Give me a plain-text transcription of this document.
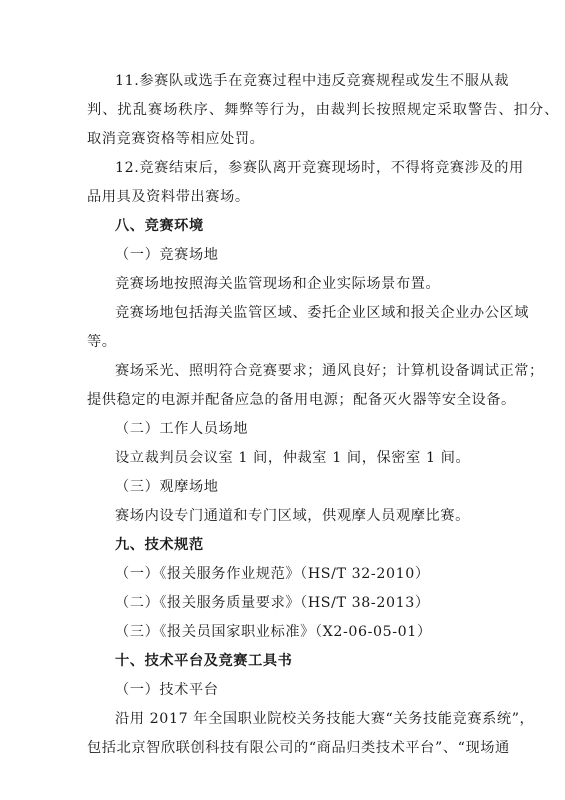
11.参赛队或选手在竞赛过程中违反竞赛规程或发生不服从裁
判、扰乱赛场秩序、舞弊等行为，由裁判长按照规定采取警告、扣分、
取消竞赛资格等相应处罚。
12.竞赛结束后，参赛队离开竞赛现场时，不得将竞赛涉及的用
品用具及资料带出赛场。
八、竞赛环境
（一）竞赛场地
竞赛场地按照海关监管现场和企业实际场景布置。
竞赛场地包括海关监管区域、委托企业区域和报关企业办公区域
等。
赛场采光、照明符合竞赛要求；通风良好；计算机设备调试正常；
提供稳定的电源并配备应急的备用电源；配备灭火器等安全设备。
（二）工作人员场地
设立裁判员会议室 1 间，仲裁室 1 间，保密室 1 间。
（三）观摩场地
赛场内设专门通道和专门区域，供观摩人员观摩比赛。
九、技术规范
（一）《报关服务作业规范》（HS/T 32-2010）
（二）《报关服务质量要求》（HS/T 38-2013）
（三）《报关员国家职业标准》（X2-06-05-01）
十、技术平台及竞赛工具书
（一）技术平台
沿用 2017 年全国职业院校关务技能大赛“关务技能竞赛系统”，
包括北京智欣联创科技有限公司的“商品归类技术平台”、“现场通
